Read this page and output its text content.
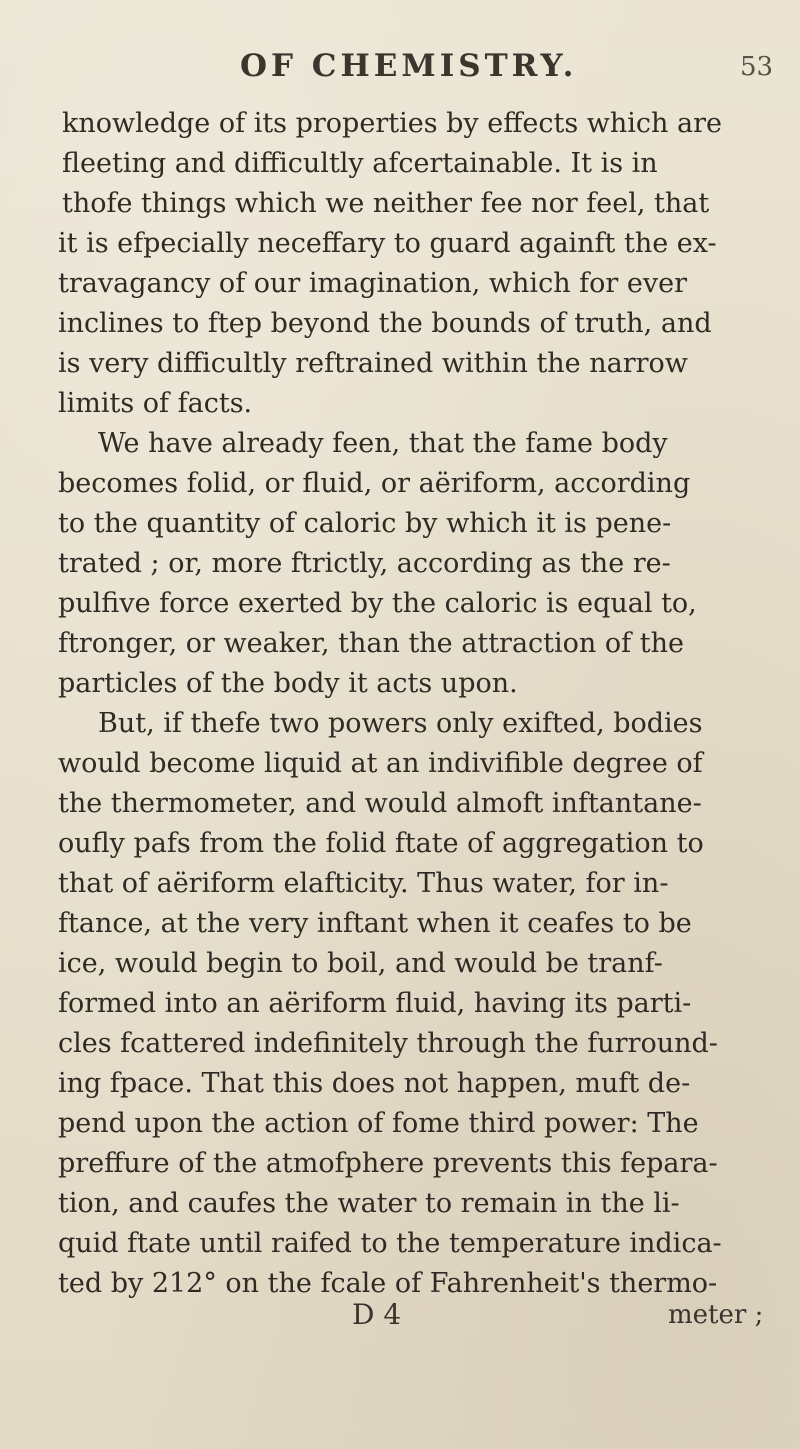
OF CHEMISTRY.	53
knowledge of its properties by effects which are
fleeting and difficultly afcertainable. It is in
thofe things which we neither fee nor feel, that
it is efpecially neceffary to guard againft the ex-
travagancy of our imagination, which for ever
inclines to ftep beyond the bounds of truth, and
is very difficultly reftrained within the narrow
limits of facts.
We have already feen, that the fame body
becomes folid, or fluid, or aëriform, according
to the quantity of caloric by which it is pene-
trated ; or, more ftrictly, according as the re-
pulfive force exerted by the caloric is equal to,
ftronger, or weaker, than the attraction of the
particles of the body it acts upon.
But, if thefe two powers only exifted, bodies
would become liquid at an indivifible degree of
the thermometer, and would almoft inftantane-
oufly pafs from the folid ftate of aggregation to
that of aëriform elafticity. Thus water, for in-
ftance, at the very inftant when it ceafes to be
ice, would begin to boil, and would be tranf-
formed into an aëriform fluid, having its parti-
cles fcattered indefinitely through the furround-
ing fpace. That this does not happen, muft de-
pend upon the action of fome third power: The
preffure of the atmofphere prevents this fepara-
tion, and caufes the water to remain in the li-
quid ftate until raifed to the temperature indica-
ted by 212° on the fcale of Fahrenheit's thermo-
D 4	meter ;
